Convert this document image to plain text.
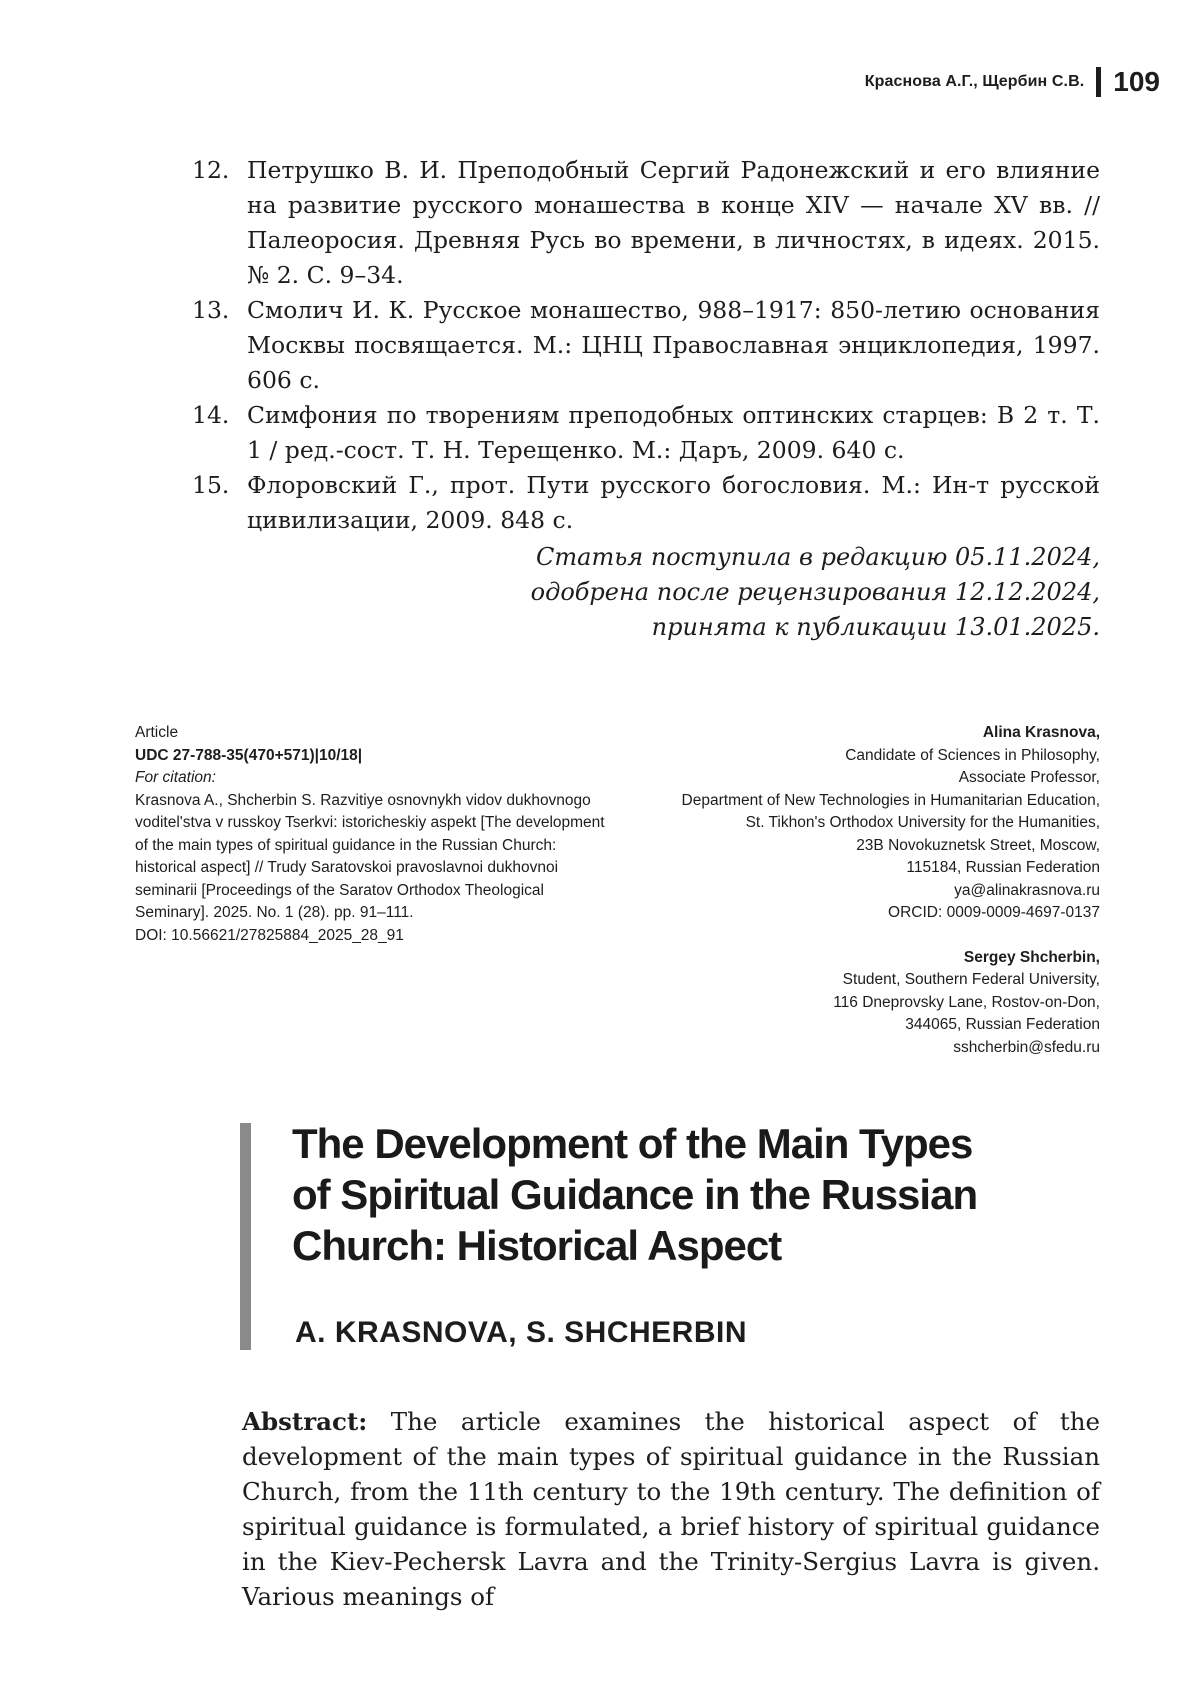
Краснова А.Г., Щербин С.В. 109
12. Петрушко В. И. Преподобный Сергий Радонежский и его влияние на развитие русского монашества в конце XIV — начале XV вв. // Палеоросия. Древняя Русь во времени, в личностях, в идеях. 2015. № 2. С. 9–34.
13. Смолич И. К. Русское монашество, 988–1917: 850-летию основания Москвы посвящается. М.: ЦНЦ Православная энциклопедия, 1997. 606 с.
14. Симфония по творениям преподобных оптинских старцев: В 2 т. Т. 1 / ред.-сост. Т. Н. Терещенко. М.: Даръ, 2009. 640 с.
15. Флоровский Г., прот. Пути русского богословия. М.: Ин-т русской цивилизации, 2009. 848 с.
Статья поступила в редакцию 05.11.2024,
одобрена после рецензирования 12.12.2024,
принята к публикации 13.01.2025.
Article
UDC 27-788-35(470+571)|10/18|
For citation:
Krasnova A., Shcherbin S. Razvitiye osnovnykh vidov dukhovnogo voditel'stva v russkoy Tserkvi: istoricheskiy aspekt [The development of the main types of spiritual guidance in the Russian Church: historical aspect] // Trudy Saratovskoi pravoslavnoi dukhovnoi seminarii [Proceedings of the Saratov Orthodox Theological Seminary]. 2025. No. 1 (28). pp. 91–111.
DOI: 10.56621/27825884_2025_28_91
Alina Krasnova,
Candidate of Sciences in Philosophy,
Associate Professor,
Department of New Technologies in Humanitarian Education,
St. Tikhon's Orthodox University for the Humanities,
23B Novokuznetsk Street, Moscow,
115184, Russian Federation
ya@alinakrasnova.ru
ORCID: 0009-0009-4697-0137
Sergey Shcherbin,
Student, Southern Federal University,
116 Dneprovsky Lane, Rostov-on-Don,
344065, Russian Federation
sshcherbin@sfedu.ru
The Development of the Main Types
of Spiritual Guidance in the Russian
Church: Historical Aspect
A. KRASNOVA, S. SHCHERBIN

Abstract: The article examines the historical aspect of the development of the main types of spiritual guidance in the Russian Church, from the 11th century to the 19th century. The definition of spiritual guidance is formulated, a brief history of spiritual guidance in the Kiev-Pechersk Lavra and the Trinity-Sergius Lavra is given. Various meanings of
